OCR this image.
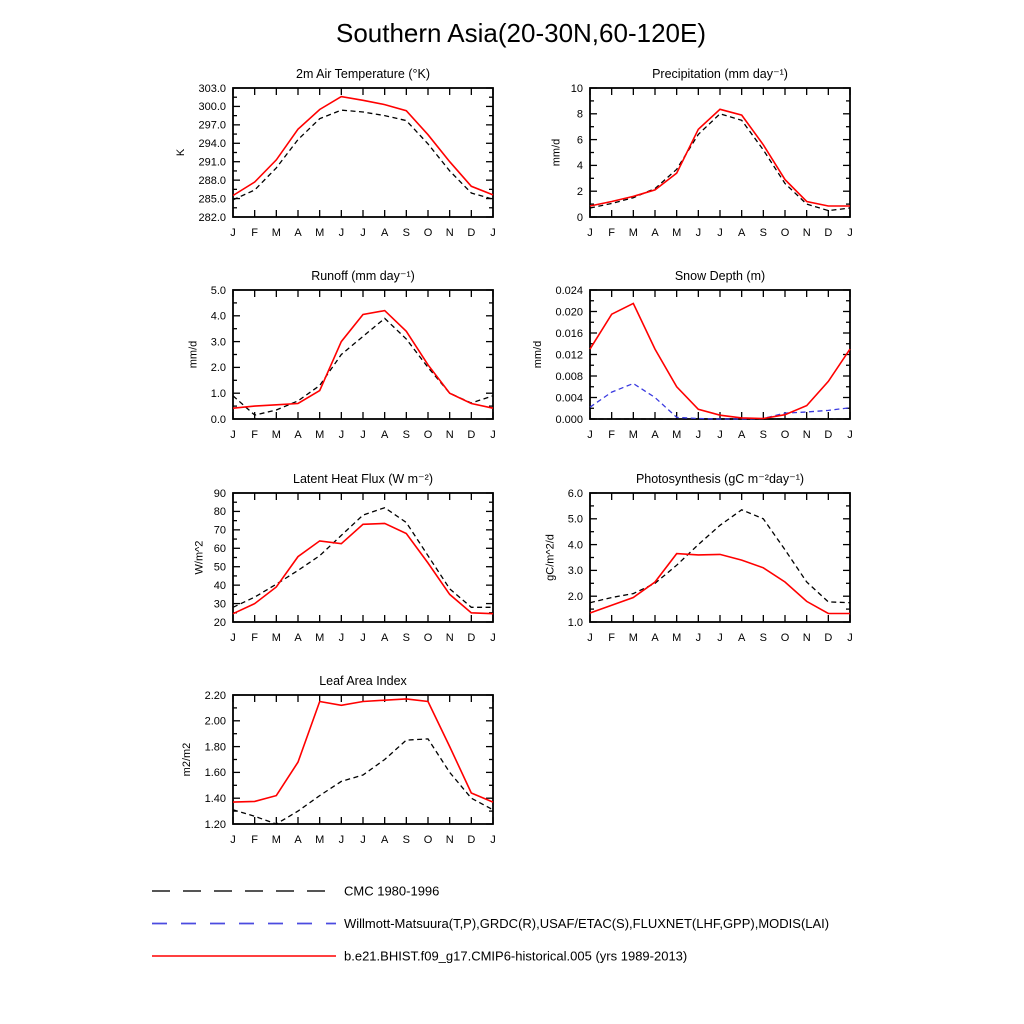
Southern Asia(20-30N,60-120E)
2m Air Temperature (°K)
282.0
285.0
288.0
291.0
294.0
297.0
300.0
303.0
J F M A M J J A S O N D J
K
Precipitation (mm day⁻¹)
0
2
4
6
8
10
J F M A M J J A S O N D J
mm/d
Runoff (mm day⁻¹)
0.0
1.0
2.0
3.0
4.0
5.0
J F M A M J J A S O N D J
mm/d
Snow Depth (m)
0.000
0.004
0.008
0.012
0.016
0.020
0.024
J F M A M J J A S O N D J
mm/d
Latent Heat Flux (W m⁻²)
20
30
40
50
60
70
80
90
J F M A M J J A S O N D J
W/m^2
Photosynthesis (gC m⁻²day⁻¹)
1.0
2.0
3.0
4.0
5.0
6.0
J F M A M J J A S O N D J
gC/m^2/d
Leaf Area Index
1.20
1.40
1.60
1.80
2.00
2.20
J F M A M J J A S O N D J
m2/m2
CMC 1980-1996
Willmott-Matsuura(T,P),GRDC(R),USAF/ETAC(S),FLUXNET(LHF,GPP),MODIS(LAI)
b.e21.BHIST.f09_g17.CMIP6-historical.005 (yrs 1989-2013)
